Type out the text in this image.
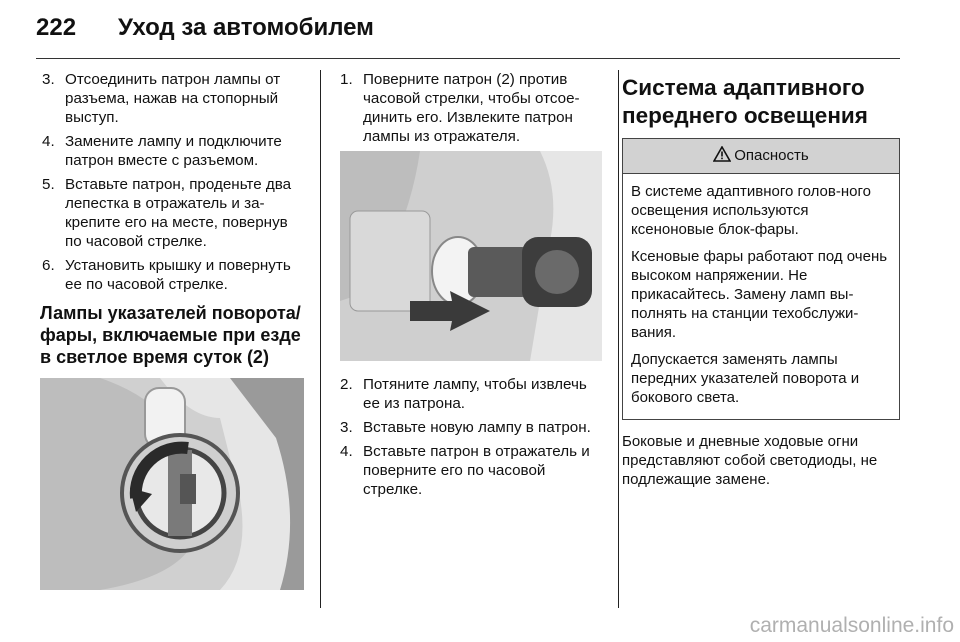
222 Уход за автомобилем
3. Отсоединить патрон лампы от разъема, нажав на стопорный выступ.
4. Замените лампу и подключите патрон вместе с разъемом.
5. Вставьте патрон, проденьте два лепестка в отражатель и за-крепите его на месте, повернув по часовой стрелке.
6. Установить крышку и повернуть ее по часовой стрелке.
Лампы указателей поворота/фары, включаемые при езде в светлое время суток (2)
1. Поверните патрон (2) против часовой стрелки, чтобы отсое-динить его. Извлеките патрон лампы из отражателя.
2. Потяните лампу, чтобы извлечь ее из патрона.
3. Вставьте новую лампу в патрон.
4. Вставьте патрон в отражатель и поверните его по часовой стрелке.
Система адаптивного переднего освещения
Опасность

В системе адаптивного голов-ного освещения используются ксеноновые блок-фары.

Ксеновые фары работают под очень высоком напряжении. Не прикасайтесь. Замену ламп вы-полнять на станции техобслужи-вания.

Допускается заменять лампы передних указателей поворота и бокового света.

Боковые и дневные ходовые огни представляют собой светодиоды, не подлежащие замене.

carmanualsonline.info
